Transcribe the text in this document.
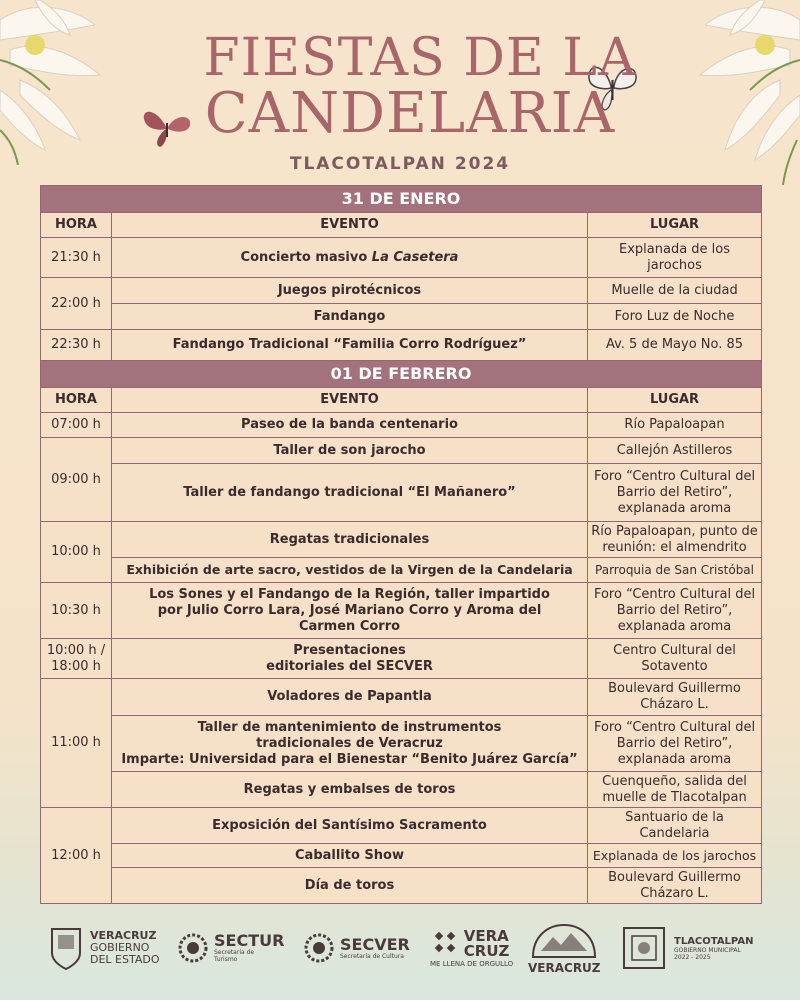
FIESTAS DE LA
CANDELARIA
TLACOTALPAN 2024
31 DE ENERO		
HORA	EVENTO	LUGAR
21:30 h	Concierto masivo La Casetera	Explanada de los jarochos
22:00 h	Juegos pirotécnicos	Muelle de la ciudad
	Fandango	Foro Luz de Noche
22:30 h	Fandango Tradicional “Familia Corro Rodríguez”	Av. 5 de Mayo No. 85
01 DE FEBRERO		
HORA	EVENTO	LUGAR
07:00 h	Paseo de la banda centenario	Río Papaloapan
09:00 h	Taller de son jarocho	Callejón Astilleros
	Taller de fandango tradicional “El Mañanero”	Foro “Centro Cultural del Barrio del Retiro”, explanada aroma
10:00 h	Regatas tradicionales	Río Papaloapan, punto de reunión: el almendrito
	Exhibición de arte sacro, vestidos de la Virgen de la Candelaria	Parroquia de San Cristóbal
10:30 h	Los Sones y el Fandango de la Región, taller impartido por Julio Corro Lara, José Mariano Corro y Aroma del Carmen Corro	Foro “Centro Cultural del Barrio del Retiro”, explanada aroma
10:00 h / 18:00 h	Presentaciones editoriales del SECVER	Centro Cultural del Sotavento
11:00 h	Voladores de Papantla	Boulevard Guillermo Cházaro L.

	Taller de mantenimiento de instrumentos
tradicionales de Veracruz
Imparte: Universidad para el Bienestar “Benito Juárez García”	Foro “Centro Cultural del Barrio del Retiro”, explanada aroma
	Regatas y embalses de toros	Cuenqueño, salida del muelle de Tlacotalpan
12:00 h	Exposición del Santísimo Sacramento	Santuario de la Candelaria
	Caballito Show	Explanada de los jarochos
	Día de toros	Boulevard Guillermo Cházaro L.
VERACRUZ
GOBIERNO
DEL ESTADO
SECTUR
Secretaría de
Turismo
SECVER
Secretaría de Cultura
VERA
CRUZ
ME LLENA DE ORGULLO VERACRUZ
TLACOTALPAN
GOBIERNO MUNICIPAL
2022 - 2025
